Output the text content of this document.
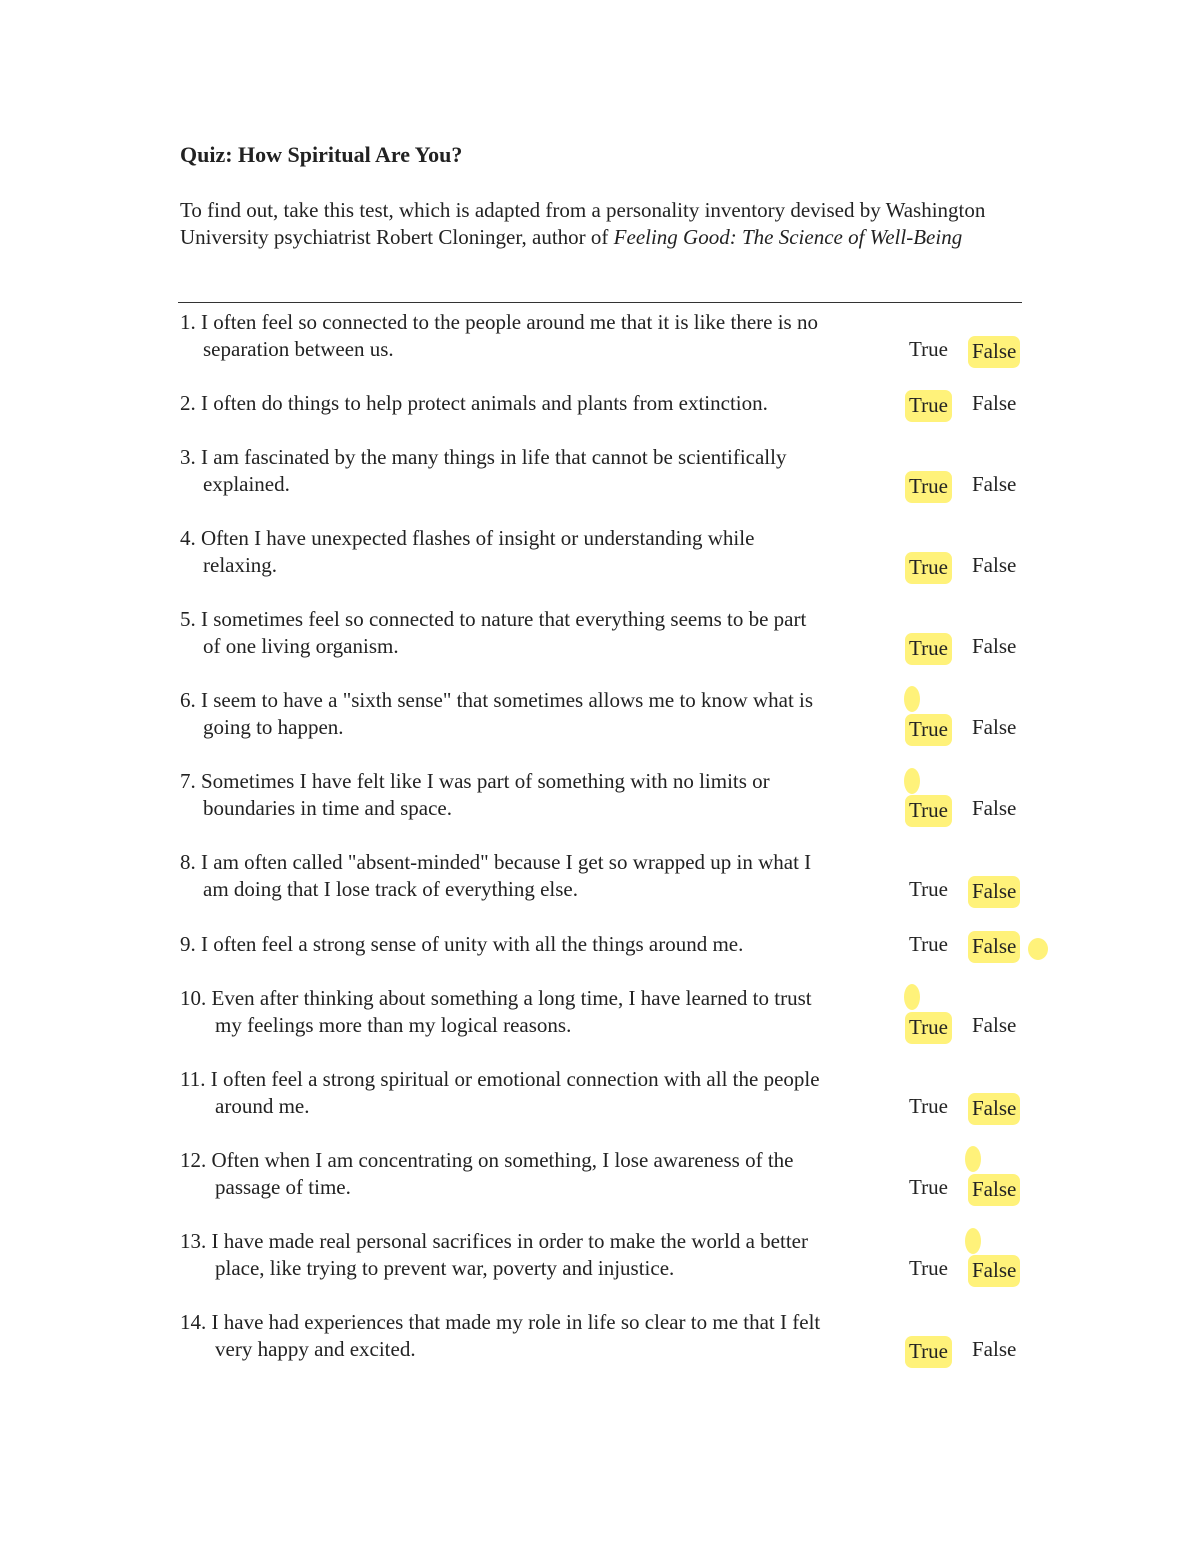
Quiz: How Spiritual Are You?
To find out, take this test, which is adapted from a personality inventory devised by Washington University psychiatrist Robert Cloninger, author of Feeling Good: The Science of Well-Being
1. I often feel so connected to the people around me that it is like there is no
separation between us.	True False
2. I often do things to help protect animals and plants from extinction.	True False
3. I am fascinated by the many things in life that cannot be scientifically
explained.	True False
4. Often I have unexpected flashes of insight or understanding while
relaxing.	True False
5. I sometimes feel so connected to nature that everything seems to be part
of one living organism.	True False
6. I seem to have a "sixth sense" that sometimes allows me to know what is
going to happen.	True False
7. Sometimes I have felt like I was part of something with no limits or
boundaries in time and space.	True False
8. I am often called "absent-minded" because I get so wrapped up in what I
am doing that I lose track of everything else.	True False
9. I often feel a strong sense of unity with all the things around me.	True False
10. Even after thinking about something a long time, I have learned to trust
my feelings more than my logical reasons.	True False
11. I often feel a strong spiritual or emotional connection with all the people
around me.	True False
12. Often when I am concentrating on something, I lose awareness of the
passage of time.	True False
13. I have made real personal sacrifices in order to make the world a better
place, like trying to prevent war, poverty and injustice.	True False
14. I have had experiences that made my role in life so clear to me that I felt
very happy and excited.	True False
